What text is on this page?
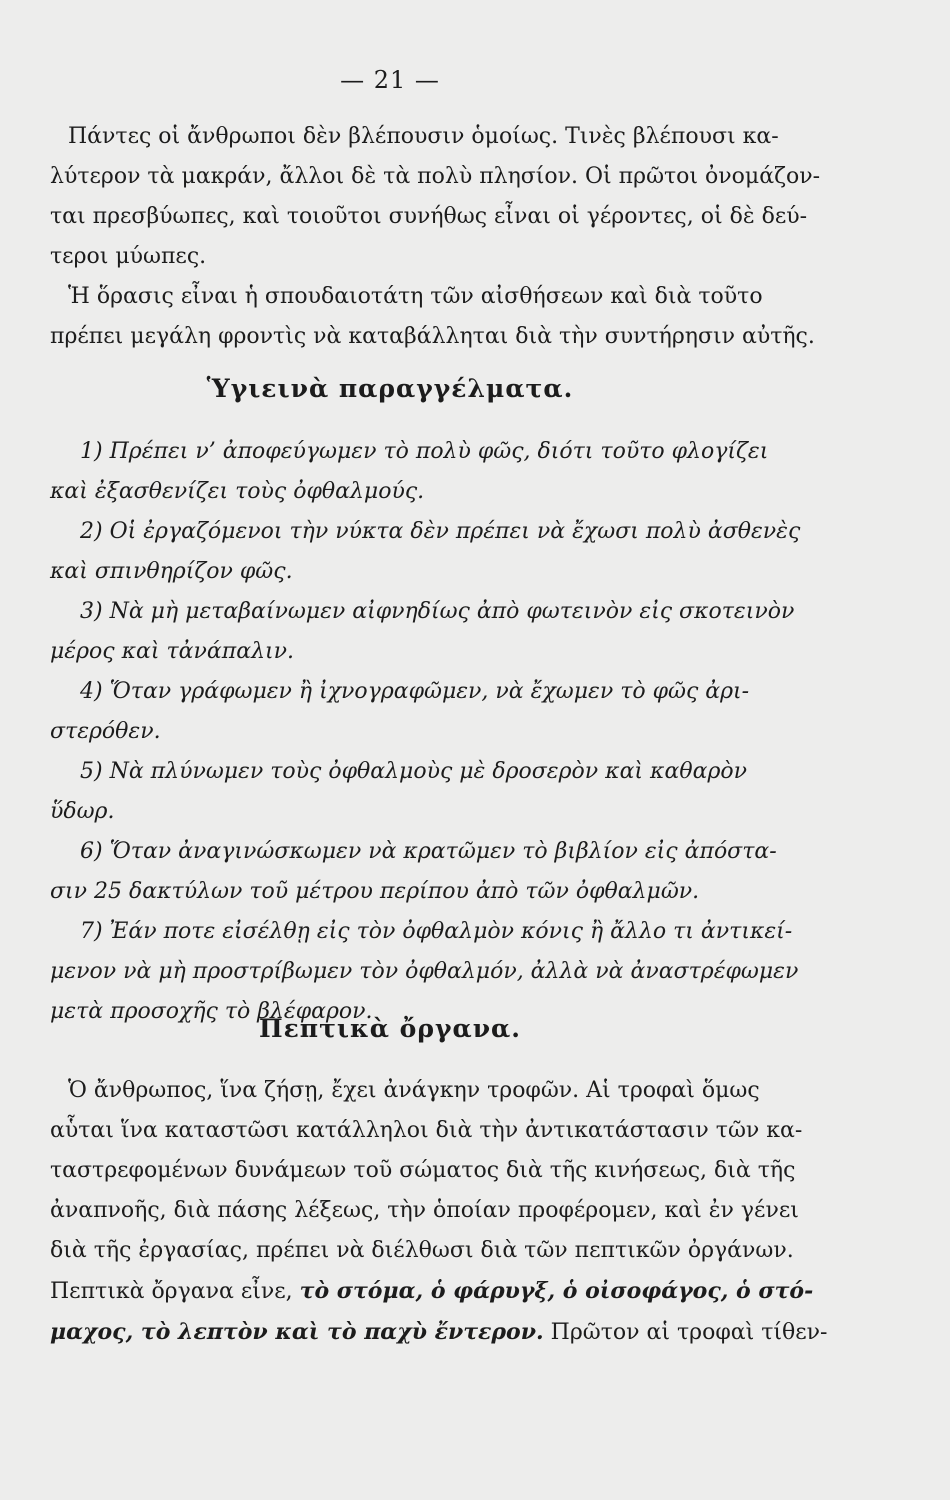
— 21 —
Πάντες οἱ ἄνθρωποι δὲν βλέπουσιν ὁμοίως. Τινὲς βλέπουσι κα-
λύτερον τὰ μακράν, ἄλλοι δὲ τὰ πολὺ πλησίον. Οἱ πρῶτοι ὀνομάζον-
ται πρεσβύωπες, καὶ τοιοῦτοι συνήθως εἶναι οἱ γέροντες, οἱ δὲ δεύ-
τεροι μύωπες.
Ἡ ὅρασις εἶναι ἡ σπουδαιοτάτη τῶν αἰσθήσεων καὶ διὰ τοῦτο
πρέπει μεγάλη φροντὶς νὰ καταβάλληται διὰ τὴν συντήρησιν αὐτῆς.
Ὑγιεινὰ παραγγέλματα.
1) Πρέπει ν’ ἀποφεύγωμεν τὸ πολὺ φῶς, διότι τοῦτο φλογίζει
καὶ ἐξασθενίζει τοὺς ὀφθαλμούς.
2) Οἱ ἐργαζόμενοι τὴν νύκτα δὲν πρέπει νὰ ἔχωσι πολὺ ἀσθενὲς
καὶ σπινθηρίζον φῶς.
3) Νὰ μὴ μεταβαίνωμεν αἰφνηδίως ἀπὸ φωτεινὸν εἰς σκοτεινὸν
μέρος καὶ τἀνάπαλιν.
4) Ὅταν γράφωμεν ἢ ἰχνογραφῶμεν, νὰ ἔχωμεν τὸ φῶς ἀρι-
στερόθεν.
5) Νὰ πλύνωμεν τοὺς ὀφθαλμοὺς μὲ δροσερὸν καὶ καθαρὸν
ὕδωρ.
6) Ὅταν ἀναγινώσκωμεν νὰ κρατῶμεν τὸ βιβλίον εἰς ἀπόστα-
σιν 25 δακτύλων τοῦ μέτρου περίπου ἀπὸ τῶν ὀφθαλμῶν.
7) Ἐάν ποτε εἰσέλθῃ εἰς τὸν ὀφθαλμὸν κόνις ἢ ἄλλο τι ἀντικεί-
μενον νὰ μὴ προστρίβωμεν τὸν ὀφθαλμόν, ἀλλὰ νὰ ἀναστρέφωμεν
μετὰ προσοχῆς τὸ βλέφαρον.
Πεπτικὰ ὄργανα.
Ὁ ἄνθρωπος, ἵνα ζήσῃ, ἔχει ἀνάγκην τροφῶν. Αἱ τροφαὶ ὅμως
αὗται ἵνα καταστῶσι κατάλληλοι διὰ τὴν ἀντικατάστασιν τῶν κα-
ταστρεφομένων δυνάμεων τοῦ σώματος διὰ τῆς κινήσεως, διὰ τῆς
ἀναπνοῆς, διὰ πάσης λέξεως, τὴν ὁποίαν προφέρομεν, καὶ ἐν γένει
διὰ τῆς ἐργασίας, πρέπει νὰ διέλθωσι διὰ τῶν πεπτικῶν ὀργάνων.
Πεπτικὰ ὄργανα εἶνε, τὸ στόμα, ὁ φάρυγξ, ὁ οἰσοφάγος, ὁ στό-
μαχος, τὸ λεπτὸν καὶ τὸ παχὺ ἔντερον. Πρῶτον αἱ τροφαὶ τίθεν-
